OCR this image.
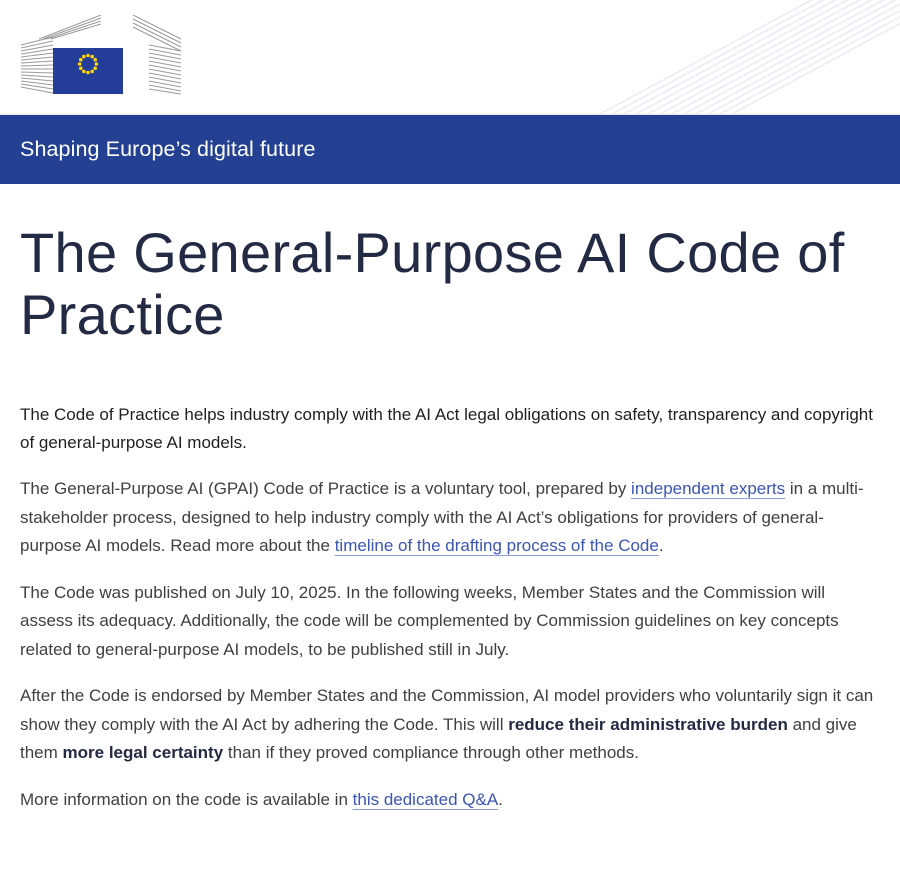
Shaping Europe’s digital future
The General-Purpose AI Code of Practice

The Code of Practice helps industry comply with the AI Act legal obligations on safety, transparency and copyright of general-purpose AI models.

The General-Purpose AI (GPAI) Code of Practice is a voluntary tool, prepared by independent experts in a multi-stakeholder process, designed to help industry comply with the AI Act’s obligations for providers of general-purpose AI models. Read more about the timeline of the drafting process of the Code.

The Code was published on July 10, 2025. In the following weeks, Member States and the Commission will assess its adequacy. Additionally, the code will be complemented by Commission guidelines on key concepts related to general-purpose AI models, to be published still in July.

After the Code is endorsed by Member States and the Commission, AI model providers who voluntarily sign it can show they comply with the AI Act by adhering the Code. This will reduce their administrative burden and give them more legal certainty than if they proved compliance through other methods.

More information on the code is available in this dedicated Q&A.
